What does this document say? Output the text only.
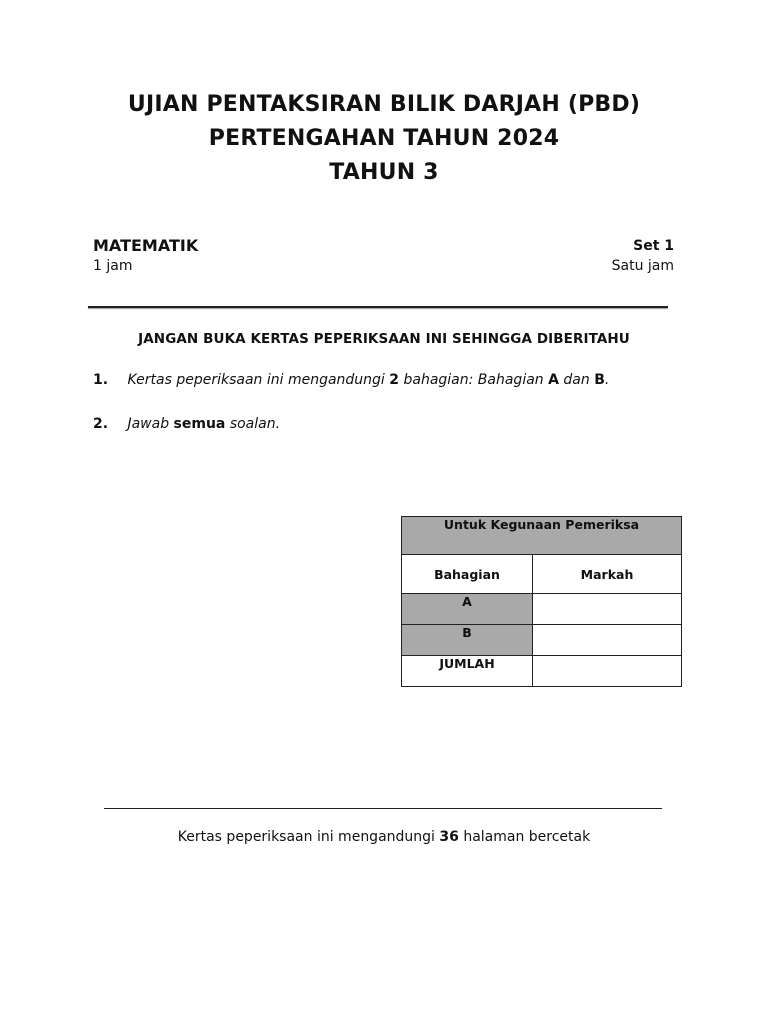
UJIAN PENTAKSIRAN BILIK DARJAH (PBD)
PERTENGAHAN TAHUN 2024
TAHUN 3
MATEMATIK
1 jam
Set 1
Satu jam
JANGAN BUKA KERTAS PEPERIKSAAN INI SEHINGGA DIBERITAHU
1. Kertas peperiksaan ini mengandungi 2 bahagian: Bahagian A dan B.
2. Jawab semua soalan.
Untuk Kegunaan Pemeriksa	
Bahagian	Markah
A	
B	
JUMLAH	
Kertas peperiksaan ini mengandungi 36 halaman bercetak
